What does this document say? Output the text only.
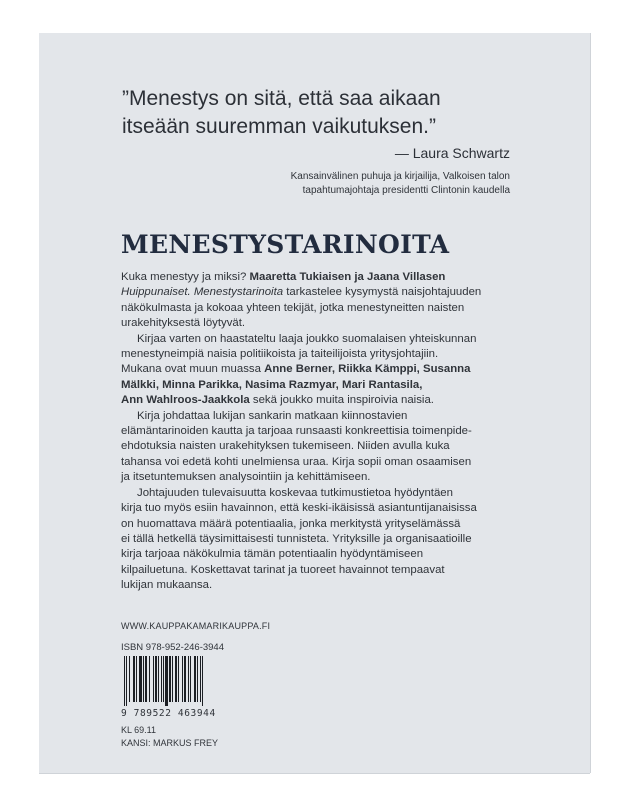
”Menestys on sitä, että saa aikaan
itseään suuremman vaikutuksen.”
— Laura Schwartz
Kansainvälinen puhuja ja kirjailija, Valkoisen talon
tapahtumajohtaja presidentti Clintonin kaudella
MENESTYSTARINOITA
Kuka menestyy ja miksi? Maaretta Tukiaisen ja Jaana Villasen
Huippunaiset. Menestystarinoita tarkastelee kysymystä naisjohtajuuden
näkökulmasta ja kokoaa yhteen tekijät, jotka menestyneitten naisten
urakehityksestä löytyvät.
Kirjaa varten on haastateltu laaja joukko suomalaisen yhteiskunnan
menestyneimpiä naisia politiikoista ja taiteilijoista yritysjohtajiin.
Mukana ovat muun muassa Anne Berner, Riikka Kämppi, Susanna
Mälkki, Minna Parikka, Nasima Razmyar, Mari Rantasila,
Ann Wahlroos-Jaakkola sekä joukko muita inspiroivia naisia.
Kirja johdattaa lukijan sankarin matkaan kiinnostavien
elämäntarinoiden kautta ja tarjoaa runsaasti konkreettisia toimenpide-
ehdotuksia naisten urakehityksen tukemiseen. Niiden avulla kuka
tahansa voi edetä kohti unelmiensa uraa. Kirja sopii oman osaamisen
ja itsetuntemuksen analysointiin ja kehittämiseen.
Johtajuuden tulevaisuutta koskevaa tutkimustietoa hyödyntäen
kirja tuo myös esiin havainnon, että keski-ikäisissä asiantuntijanaisissa
on huomattava määrä potentiaalia, jonka merkitystä yrityselämässä
ei tällä hetkellä täysimittaisesti tunnisteta. Yrityksille ja organisaatioille
kirja tarjoaa näkökulmia tämän potentiaalin hyödyntämiseen
kilpailuetuna. Koskettavat tarinat ja tuoreet havainnot tempaavat
lukijan mukaansa.
WWW.KAUPPAKAMARIKAUPPA.FI
ISBN 978-952-246-3944
9 789522 463944
KL 69.11
KANSI: MARKUS FREY
